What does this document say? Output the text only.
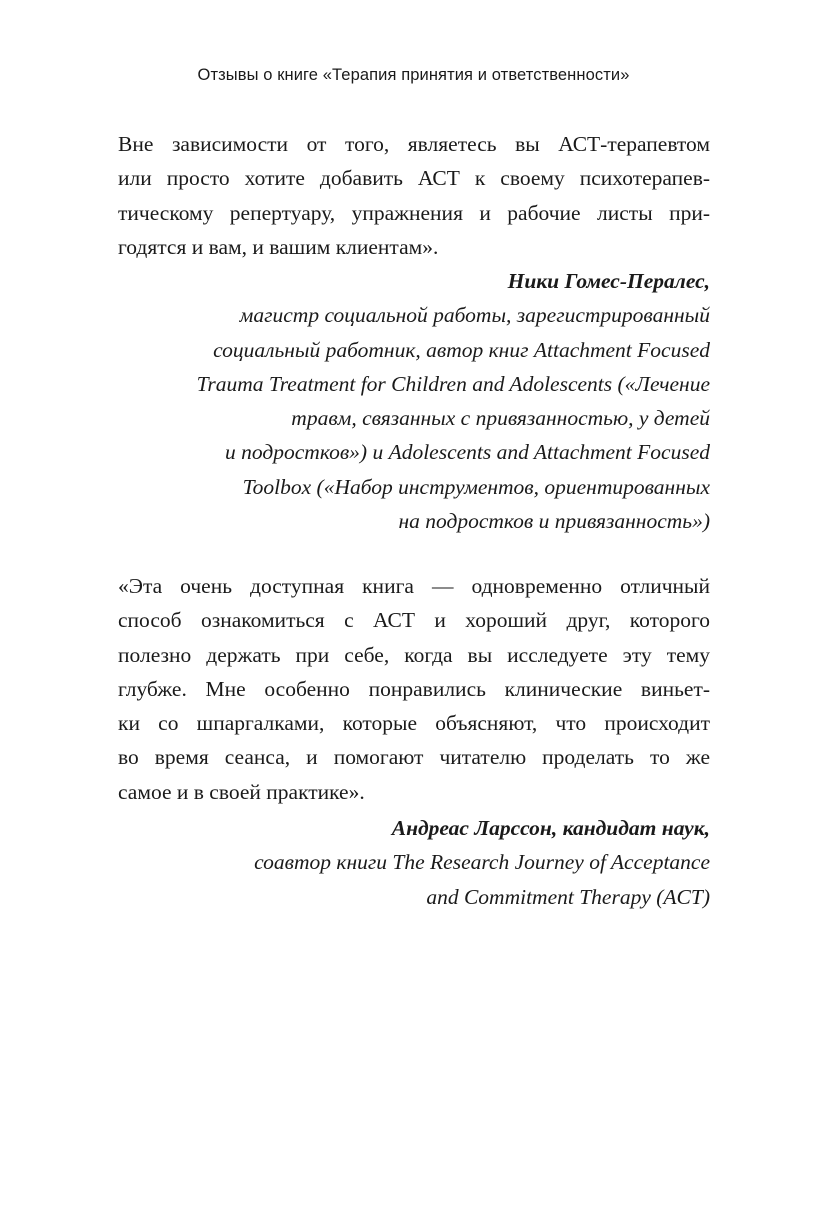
Отзывы о книге «Терапия принятия и ответственности»
Вне зависимости от того, являетесь вы АСТ-терапевтом
или просто хотите добавить АСТ к своему психотерапев-
тическому репертуару, упражнения и рабочие листы при-
годятся и вам, и вашим клиентам».
Ники Гомес-Пералес,
магистр социальной работы, зарегистрированный
социальный работник, автор книг Attachment Focused
Trauma Treatment for Children and Adolescents («Лечение
травм, связанных с привязанностью, у детей
и подростков») и Adolescents and Attachment Focused
Toolbox («Набор инструментов, ориентированных
на подростков и привязанность»)
«Эта очень доступная книга — одновременно отличный
способ ознакомиться с АСТ и хороший друг, которого
полезно держать при себе, когда вы исследуете эту тему
глубже. Мне особенно понравились клинические виньет-
ки со шпаргалками, которые объясняют, что происходит
во время сеанса, и помогают читателю проделать то же
самое и в своей практике».
Андреас Ларссон, кандидат наук,
соавтор книги The Research Journey of Acceptance
and Commitment Therapy (ACT)
